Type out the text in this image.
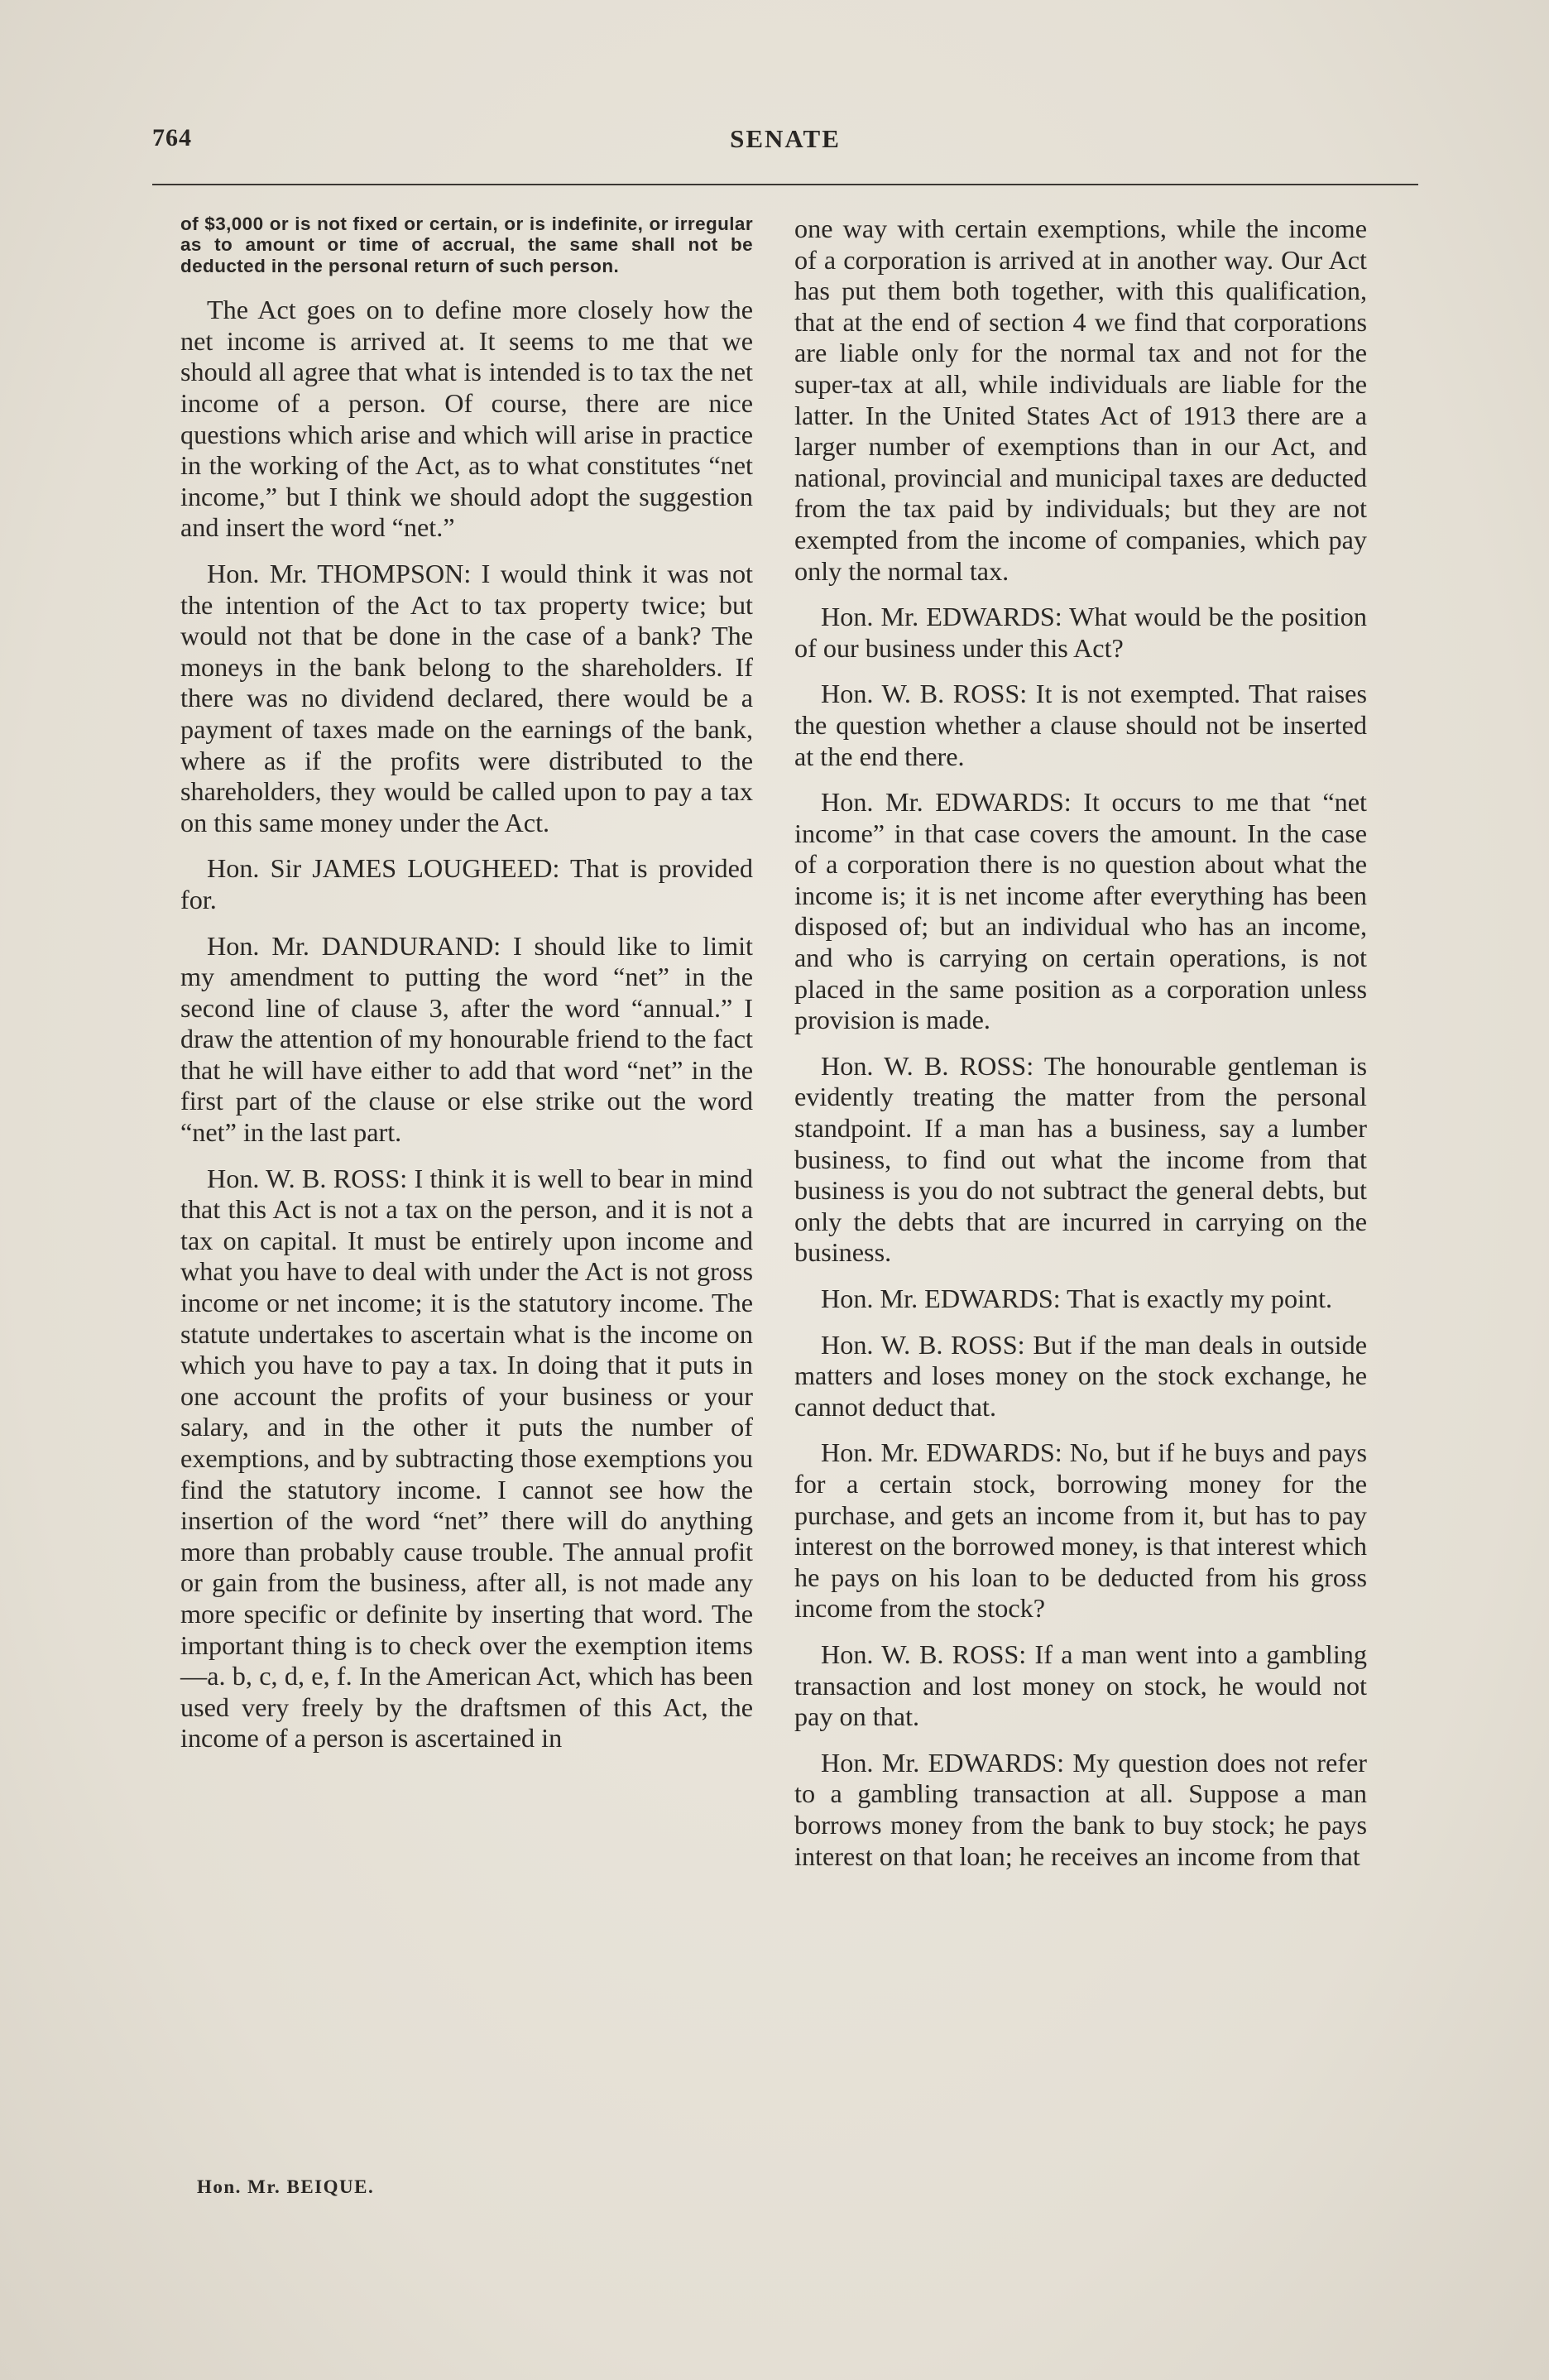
764	SENATE
of $3,000 or is not fixed or certain, or is indefinite, or irregular as to amount or time of accrual, the same shall not be deducted in the personal return of such person.

The Act goes on to define more closely how the net income is arrived at. It seems to me that we should all agree that what is intended is to tax the net income of a person. Of course, there are nice questions which arise and which will arise in practice in the working of the Act, as to what constitutes “net income,” but I think we should adopt the suggestion and insert the word “net.”

Hon. Mr. THOMPSON: I would think it was not the intention of the Act to tax property twice; but would not that be done in the case of a bank? The moneys in the bank belong to the shareholders. If there was no dividend declared, there would be a payment of taxes made on the earnings of the bank, where as if the profits were distributed to the shareholders, they would be called upon to pay a tax on this same money under the Act.

Hon. Sir JAMES LOUGHEED: That is provided for.

Hon. Mr. DANDURAND: I should like to limit my amendment to putting the word “net” in the second line of clause 3, after the word “annual.” I draw the attention of my honourable friend to the fact that he will have either to add that word “net” in the first part of the clause or else strike out the word “net” in the last part.

Hon. W. B. ROSS: I think it is well to bear in mind that this Act is not a tax on the person, and it is not a tax on capital. It must be entirely upon income and what you have to deal with under the Act is not gross income or net income; it is the statutory income. The statute undertakes to ascertain what is the income on which you have to pay a tax. In doing that it puts in one account the profits of your business or your salary, and in the other it puts the number of exemptions, and by subtracting those exemptions you find the statutory income. I cannot see how the insertion of the word “net” there will do anything more than probably cause trouble. The annual profit or gain from the business, after all, is not made any more specific or definite by inserting that word. The important thing is to check over the exemption items—a. b, c, d, e, f. In the American Act, which has been used very freely by the draftsmen of this Act, the income of a person is ascertained in

one way with certain exemptions, while the income of a corporation is arrived at in another way. Our Act has put them both together, with this qualification, that at the end of section 4 we find that corporations are liable only for the normal tax and not for the super-tax at all, while individuals are liable for the latter. In the United States Act of 1913 there are a larger number of exemptions than in our Act, and national, provincial and municipal taxes are deducted from the tax paid by individuals; but they are not exempted from the income of companies, which pay only the normal tax.

Hon. Mr. EDWARDS: What would be the position of our business under this Act?

Hon. W. B. ROSS: It is not exempted. That raises the question whether a clause should not be inserted at the end there.

Hon. Mr. EDWARDS: It occurs to me that “net income” in that case covers the amount. In the case of a corporation there is no question about what the income is; it is net income after everything has been disposed of; but an individual who has an income, and who is carrying on certain operations, is not placed in the same position as a corporation unless provision is made.

Hon. W. B. ROSS: The honourable gentleman is evidently treating the matter from the personal standpoint. If a man has a business, say a lumber business, to find out what the income from that business is you do not subtract the general debts, but only the debts that are incurred in carrying on the business.

Hon. Mr. EDWARDS: That is exactly my point.

Hon. W. B. ROSS: But if the man deals in outside matters and loses money on the stock exchange, he cannot deduct that.

Hon. Mr. EDWARDS: No, but if he buys and pays for a certain stock, borrowing money for the purchase, and gets an income from it, but has to pay interest on the borrowed money, is that interest which he pays on his loan to be deducted from his gross income from the stock?

Hon. W. B. ROSS: If a man went into a gambling transaction and lost money on stock, he would not pay on that.

Hon. Mr. EDWARDS: My question does not refer to a gambling transaction at all. Suppose a man borrows money from the bank to buy stock; he pays interest on that loan; he receives an income from that

Hon. Mr. BEIQUE.
